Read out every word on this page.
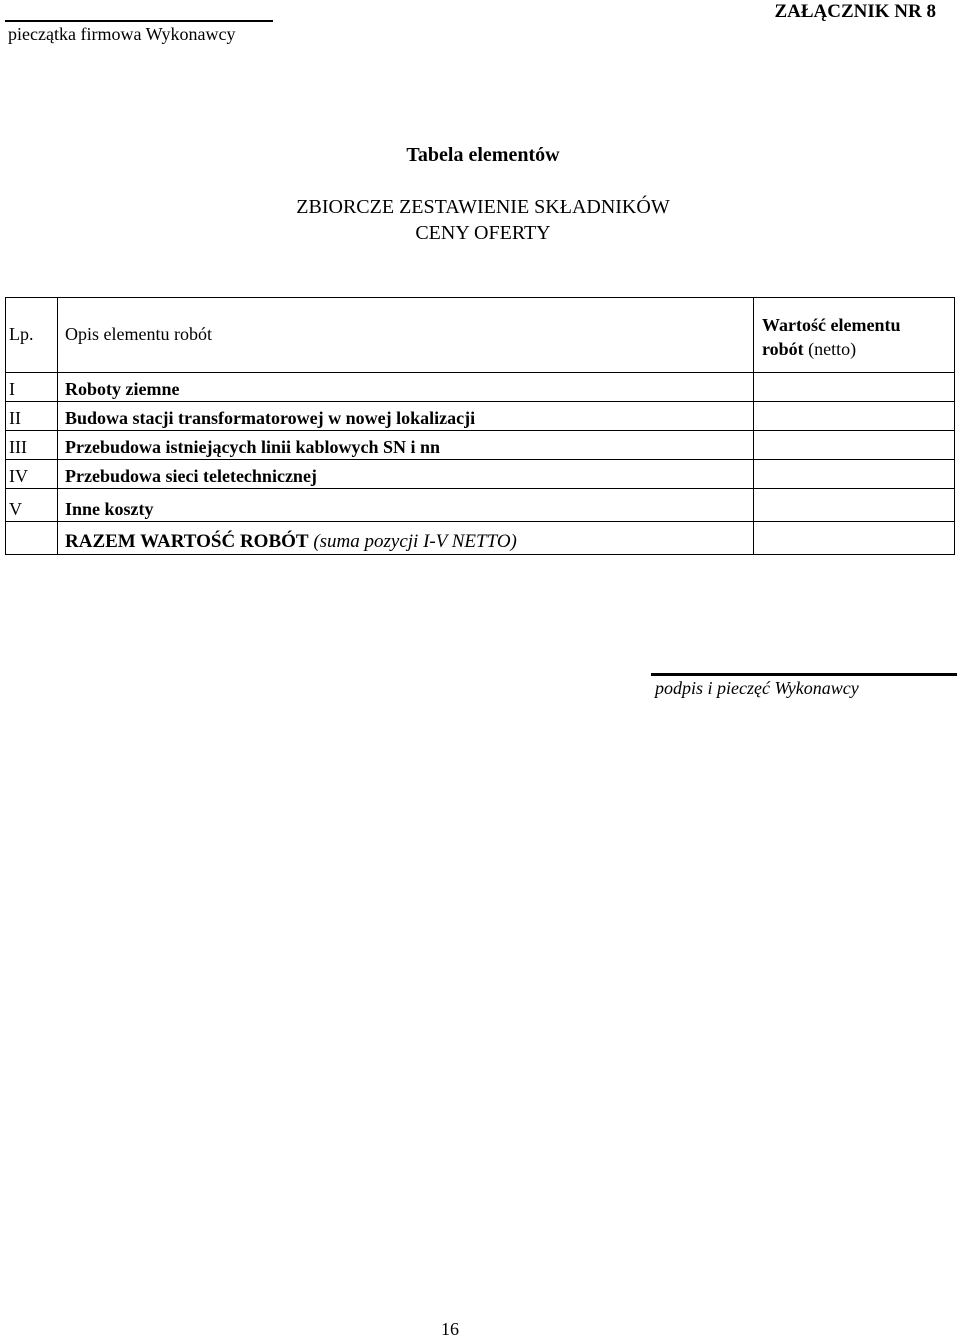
pieczątka firmowa Wykonawcy
ZAŁĄCZNIK NR 8
Tabela elementów
ZBIORCZE ZESTAWIENIE SKŁADNIKÓW
CENY OFERTY
Lp. Opis elementu robót	Wartość elementu robót (netto)
I	Roboty ziemne
II Budowa stacji transformatorowej w nowej lokalizacji
III Przebudowa istniejących linii kablowych SN i nn
IV Przebudowa sieci teletechnicznej
V Inne koszty
RAZEM WARTOŚĆ ROBÓT (suma pozycji I-V NETTO)
podpis i pieczęć Wykonawcy
16
